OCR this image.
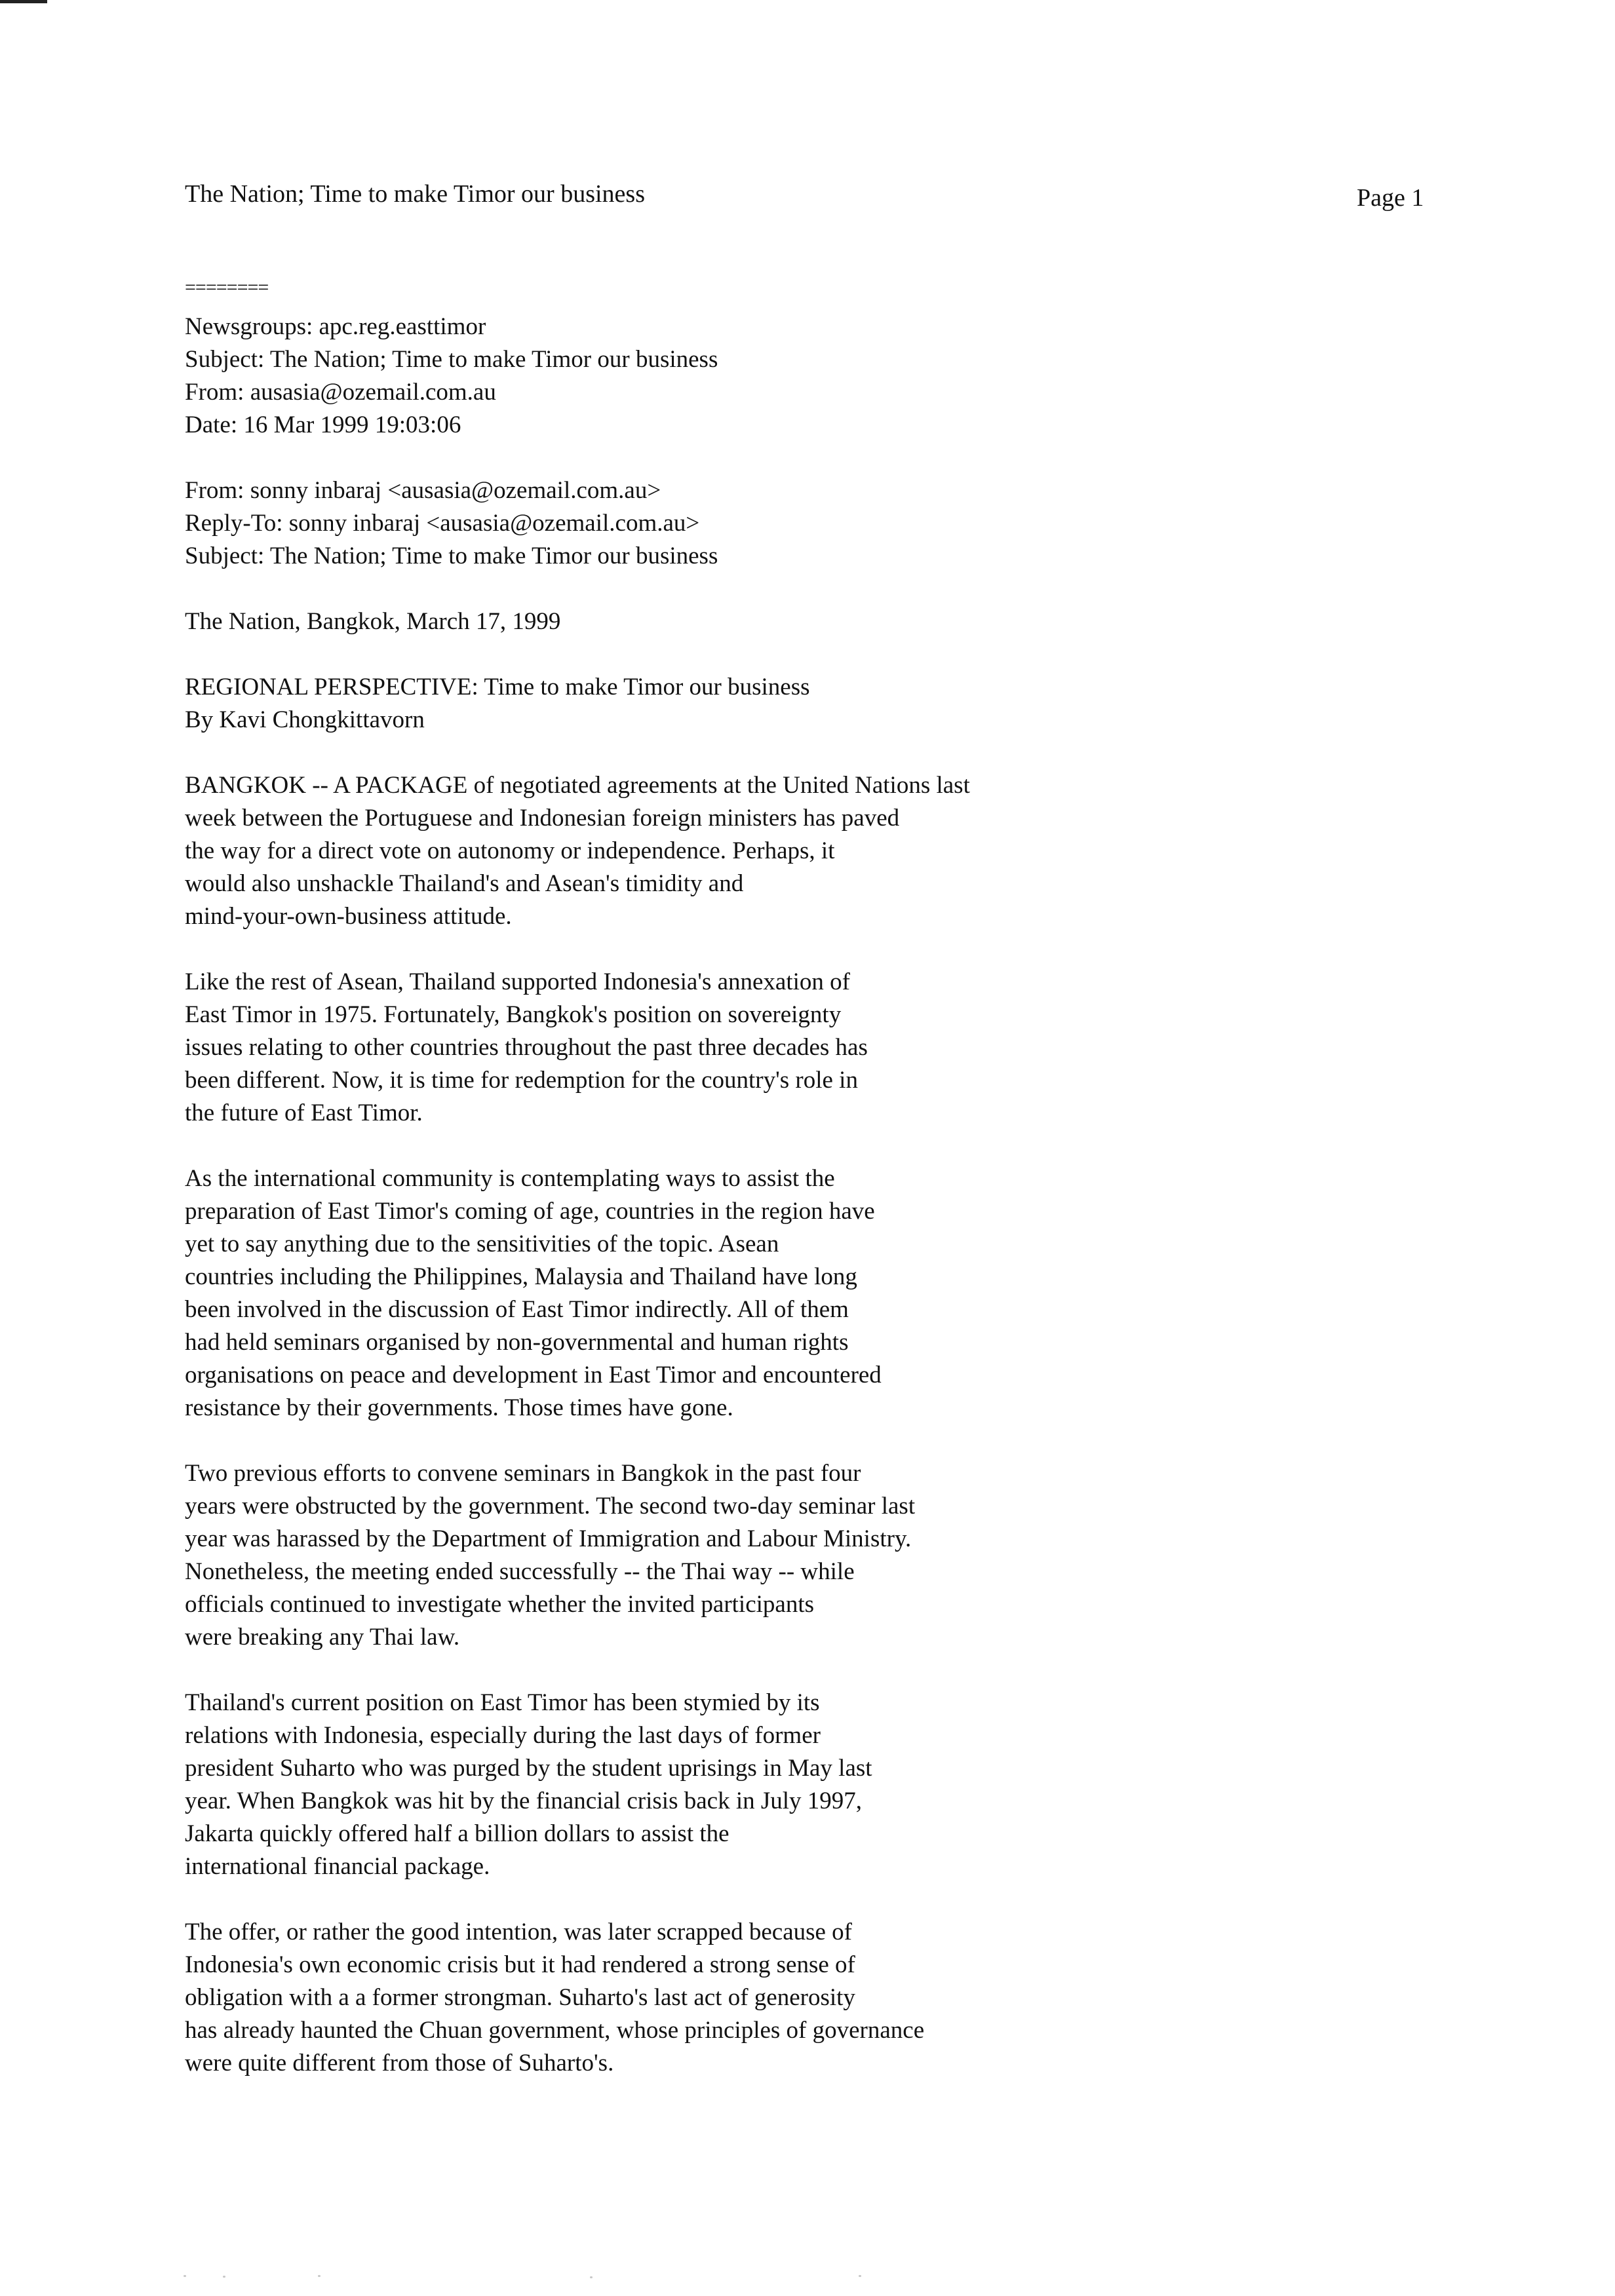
The Nation; Time to make Timor our business	Page 1
========
Newsgroups: apc.reg.easttimor
Subject: The Nation; Time to make Timor our business
From: ausasia@ozemail.com.au
Date: 16 Mar 1999 19:03:06
From: sonny inbaraj <ausasia@ozemail.com.au>
Reply-To: sonny inbaraj <ausasia@ozemail.com.au>
Subject: The Nation; Time to make Timor our business
The Nation, Bangkok, March 17, 1999
REGIONAL PERSPECTIVE: Time to make Timor our business
By Kavi Chongkittavorn
BANGKOK -- A PACKAGE of negotiated agreements at the United Nations last
week between the Portuguese and Indonesian foreign ministers has paved
the way for a direct vote on autonomy or independence. Perhaps, it
would also unshackle Thailand's and Asean's timidity and
mind-your-own-business attitude.
Like the rest of Asean, Thailand supported Indonesia's annexation of
East Timor in 1975. Fortunately, Bangkok's position on sovereignty
issues relating to other countries throughout the past three decades has
been different. Now, it is time for redemption for the country's role in
the future of East Timor.
As the international community is contemplating ways to assist the
preparation of East Timor's coming of age, countries in the region have
yet to say anything due to the sensitivities of the topic. Asean
countries including the Philippines, Malaysia and Thailand have long
been involved in the discussion of East Timor indirectly. All of them
had held seminars organised by non-governmental and human rights
organisations on peace and development in East Timor and encountered
resistance by their governments. Those times have gone.
Two previous efforts to convene seminars in Bangkok in the past four
years were obstructed by the government. The second two-day seminar last
year was harassed by the Department of Immigration and Labour Ministry.
Nonetheless, the meeting ended successfully -- the Thai way -- while
officials continued to investigate whether the invited participants
were breaking any Thai law.
Thailand's current position on East Timor has been stymied by its
relations with Indonesia, especially during the last days of former
president Suharto who was purged by the student uprisings in May last
year. When Bangkok was hit by the financial crisis back in July 1997,
Jakarta quickly offered half a billion dollars to assist the
international financial package.
The offer, or rather the good intention, was later scrapped because of
Indonesia's own economic crisis but it had rendered a strong sense of
obligation with a a former strongman. Suharto's last act of generosity
has already haunted the Chuan government, whose principles of governance
were quite different from those of Suharto's.
